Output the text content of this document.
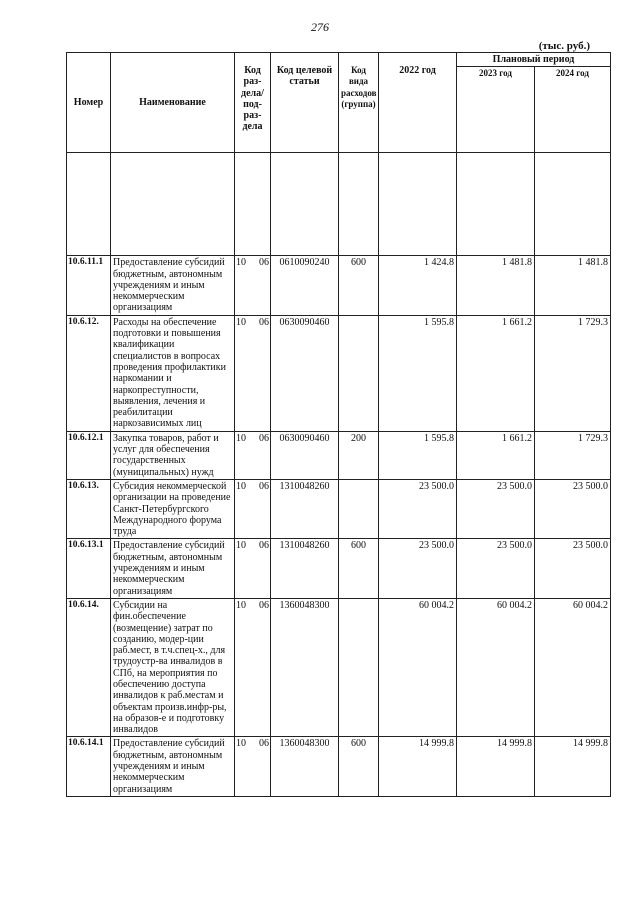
276
(тыс. руб.)
Номер	Наименование	Код раз-дела/ под-раз-дела	Код целевой статьи	Код вида расходов (группа)	2022 год	Плановый период	
						2023 год	2024 год

10.6.11.1	Предоставление субсидий бюджетным, автономным учреждениям и иным некоммерческим организациям	10 06	0610090240	600	1 424.8	1 481.8	1 481.8
10.6.12.	Расходы на обеспечение подготовки и повышения квалификации специалистов в вопросах проведения профилактики наркомании и наркопреступности, выявления, лечения и реабилитации наркозависимых лиц	10 06	0630090460		1 595.8	1 661.2	1 729.3
10.6.12.1	Закупка товаров, работ и услуг для обеспечения государственных (муниципальных) нужд	10 06	0630090460	200	1 595.8	1 661.2	1 729.3
10.6.13.	Субсидия некоммерческой организации на проведение Санкт-Петербургского Международного форума труда	10 06	1310048260		23 500.0	23 500.0	23 500.0
10.6.13.1	Предоставление субсидий бюджетным, автономным учреждениям и иным некоммерческим организациям	10 06	1310048260	600	23 500.0	23 500.0	23 500.0
10.6.14.	Субсидии на фин.обеспечение (возмещение) затрат по созданию, модер-ции раб.мест, в т.ч.спец-х., для трудоустр-ва инвалидов в СПб, на мероприятия по обеспечению доступа инвалидов к раб.местам и объектам произв.инфр-ры, на образов-е и подготовку инвалидов	10 06	1360048300		60 004.2	60 004.2	60 004.2
10.6.14.1	Предоставление субсидий бюджетным, автономным учреждениям и иным некоммерческим организациям	10 06	1360048300	600	14 999.8	14 999.8	14 999.8
